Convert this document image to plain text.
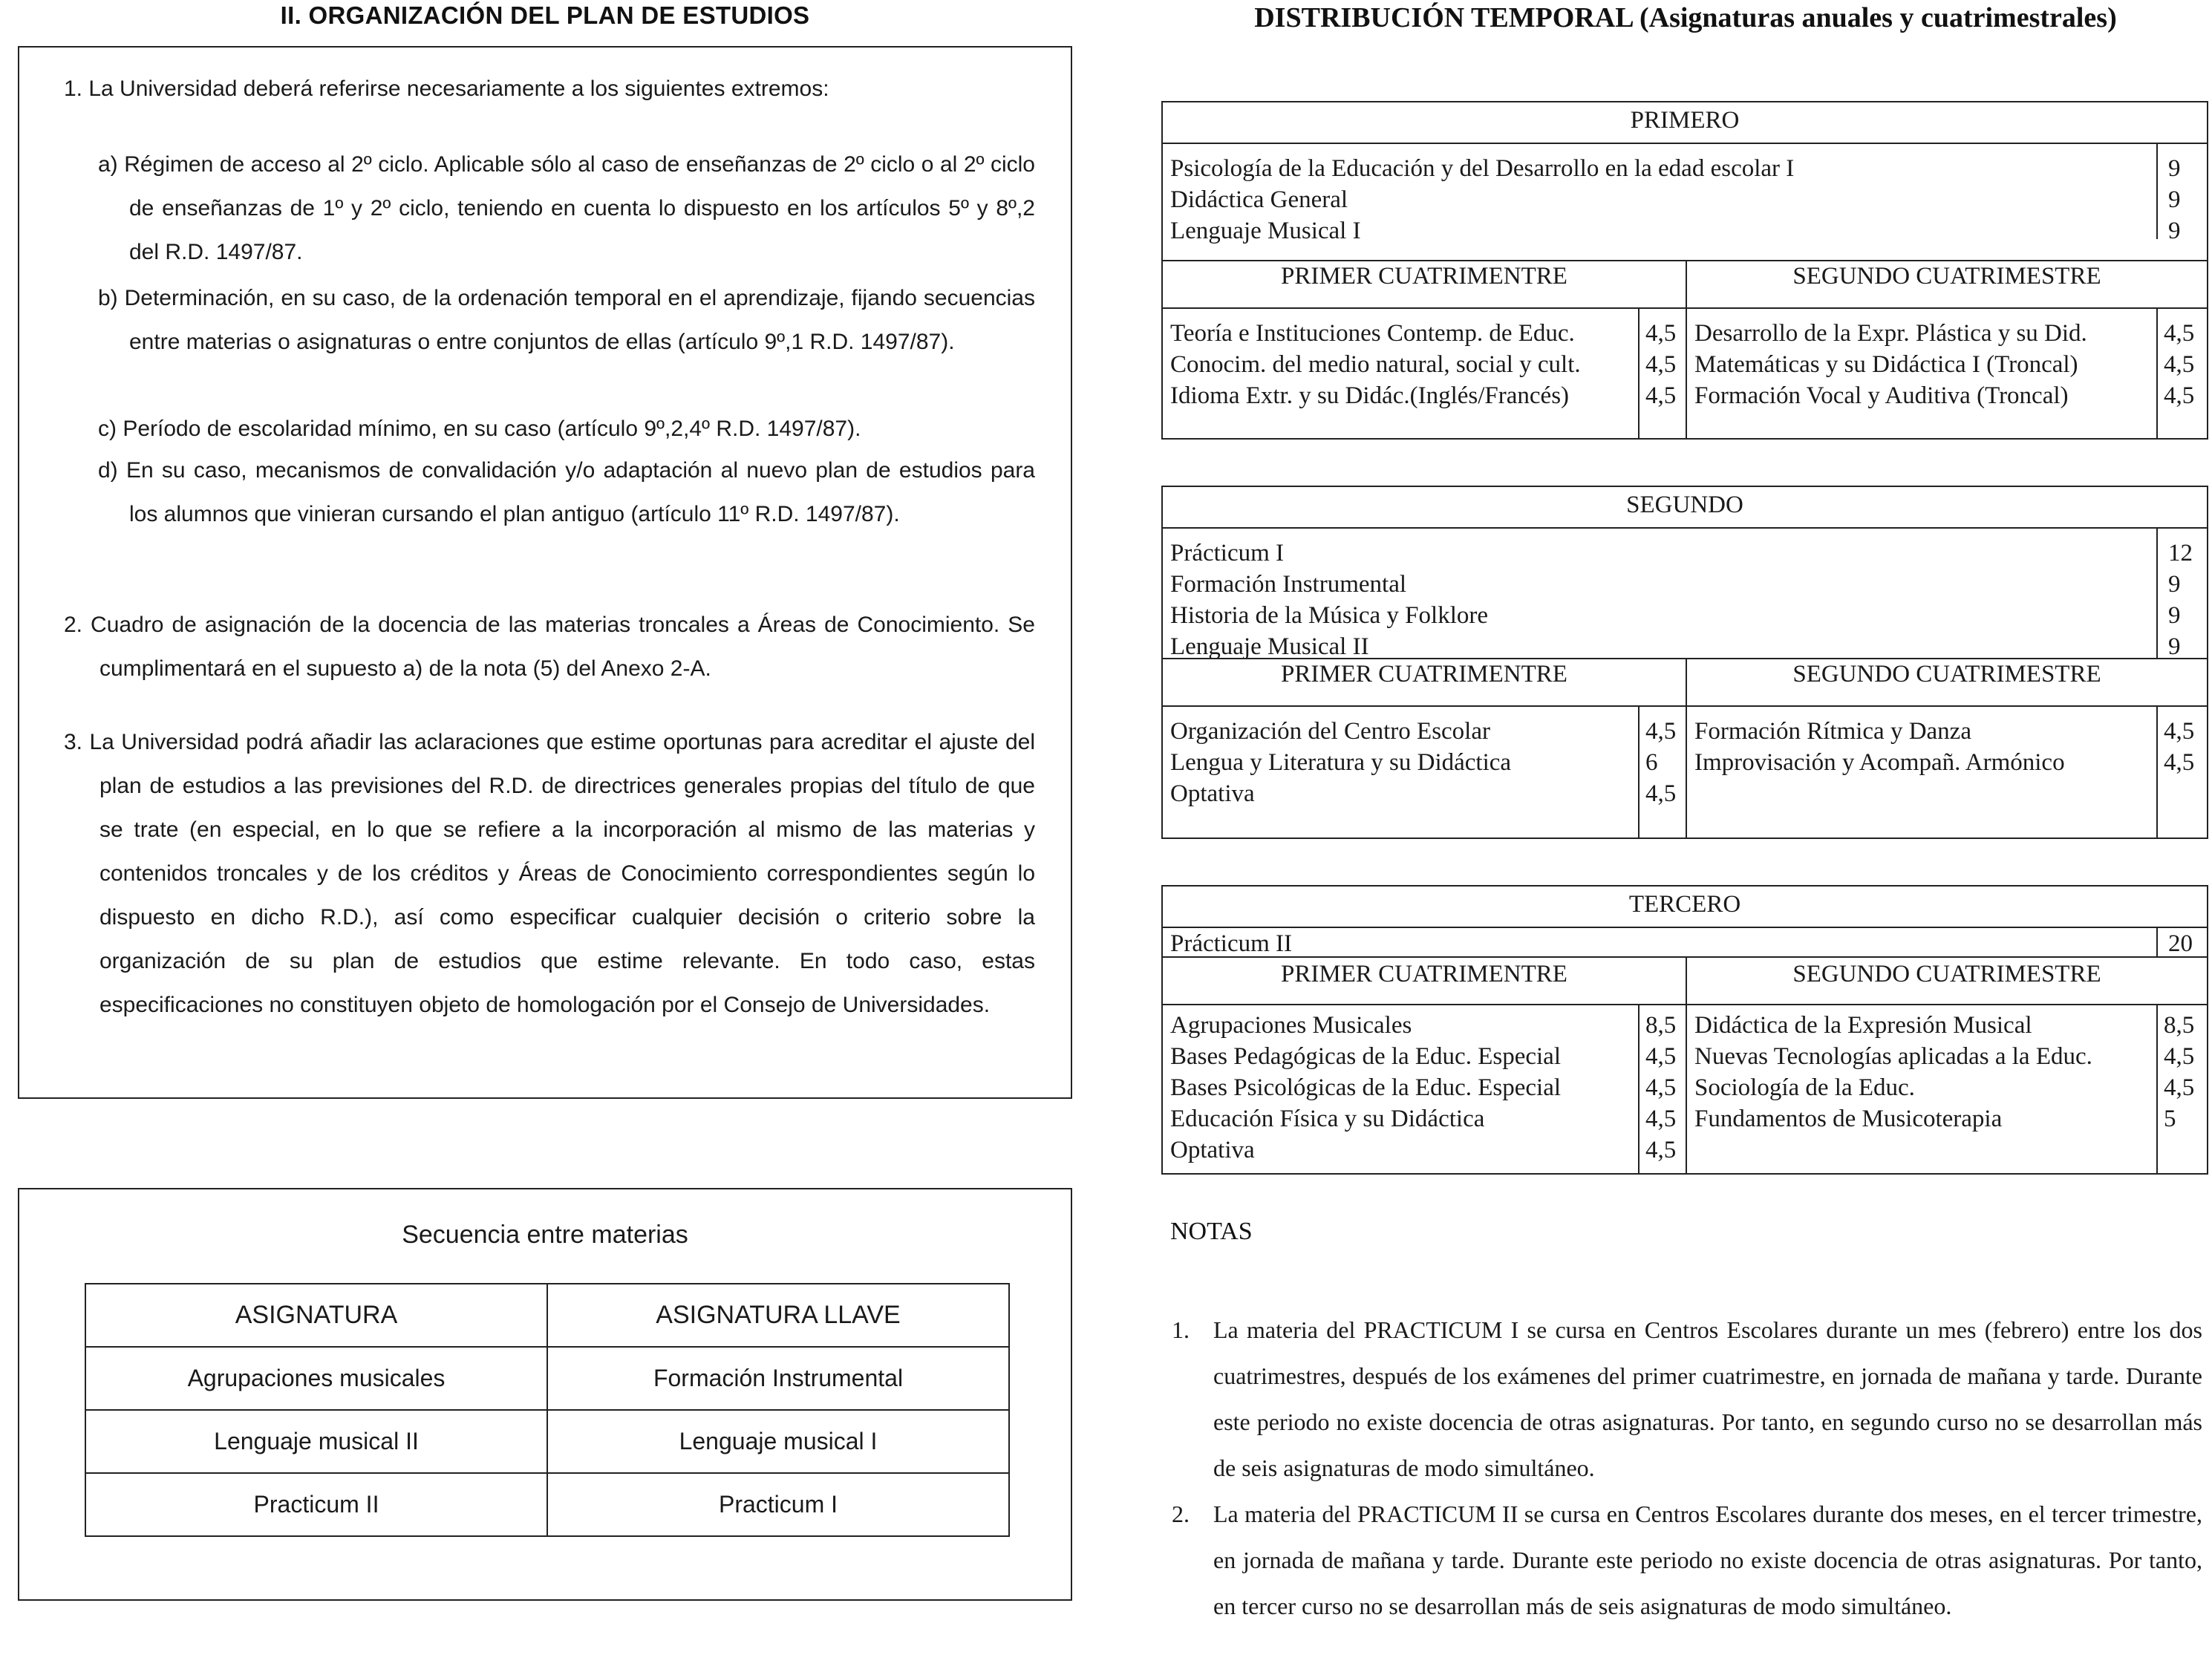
II. ORGANIZACIÓN DEL PLAN DE ESTUDIOS

1. La Universidad deberá referirse necesariamente a los siguientes extremos:

a) Régimen de acceso al 2º ciclo. Aplicable sólo al caso de enseñanzas de 2º ciclo o al 2º ciclo de enseñanzas de 1º y 2º ciclo, teniendo en cuenta lo dispuesto en los artículos 5º y 8º,2 del R.D. 1497/87.
b) Determinación, en su caso, de la ordenación temporal en el aprendizaje, fijando secuencias entre materias o asignaturas o entre conjuntos de ellas (artículo 9º,1 R.D. 1497/87).
c) Período de escolaridad mínimo, en su caso (artículo 9º,2,4º R.D. 1497/87).
d) En su caso, mecanismos de convalidación y/o adaptación al nuevo plan de estudios para los alumnos que vinieran cursando el plan antiguo (artículo 11º R.D. 1497/87).
2. Cuadro de asignación de la docencia de las materias troncales a Áreas de Conocimiento. Se cumplimentará en el supuesto a) de la nota (5) del Anexo 2-A.
3. La Universidad podrá añadir las aclaraciones que estime oportunas para acreditar el ajuste del plan de estudios a las previsiones del R.D. de directrices generales propias del título de que se trate (en especial, en lo que se refiere a la incorporación al mismo de las materias y contenidos troncales y de los créditos y Áreas de Conocimiento correspondientes según lo dispuesto en dicho R.D.), así como especificar cualquier decisión o criterio sobre la organización de su plan de estudios que estime relevante. En todo caso, estas especificaciones no constituyen objeto de homologación por el Consejo de Universidades.
Secuencia entre materias
ASIGNATURA	ASIGNATURA LLAVE
Agrupaciones musicales	Formación Instrumental
Lenguaje musical II	Lenguaje musical I
Practicum II	Practicum I
DISTRIBUCIÓN TEMPORAL (Asignaturas anuales y cuatrimestrales)
PRIMERO
Psicología de la Educación y del Desarrollo en la edad escolar I	9
Didáctica General	9
Lenguaje Musical I	9
PRIMER CUATRIMENTRE	SEGUNDO CUATRIMESTRE
Teoría e Instituciones Contemp. de Educ.	4,5
Conocim. del medio natural, social y cult.	4,5
Idioma Extr. y su Didác.(Inglés/Francés)	4,5
Desarrollo de la Expr. Plástica y su Did.	4,5
Matemáticas y su Didáctica I (Troncal)	4,5
Formación Vocal y Auditiva (Troncal)	4,5
SEGUNDO
Prácticum I	12
Formación Instrumental	9
Historia de la Música y Folklore	9
Lenguaje Musical II	9
PRIMER CUATRIMENTRE	SEGUNDO CUATRIMESTRE
Organización del Centro Escolar	4,5
Lengua y Literatura y su Didáctica	6
Optativa	4,5
Formación Rítmica y Danza	4,5
Improvisación y Acompañ. Armónico	4,5
TERCERO
Prácticum II	20
PRIMER CUATRIMENTRE	SEGUNDO CUATRIMESTRE
Agrupaciones Musicales	8,5
Bases Pedagógicas de la Educ. Especial	4,5
Bases Psicológicas de la Educ. Especial	4,5
Educación Física y su Didáctica	4,5
Optativa	4,5
Didáctica de la Expresión Musical	8,5
Nuevas Tecnologías aplicadas a la Educ.	4,5
Sociología de la Educ.	4,5
Fundamentos de Musicoterapia	5
NOTAS
1. La materia del PRACTICUM I se cursa en Centros Escolares durante un mes (febrero) entre los dos cuatrimestres, después de los exámenes del primer cuatrimestre, en jornada de mañana y tarde. Durante este periodo no existe docencia de otras asignaturas. Por tanto, en segundo curso no se desarrollan más de seis asignaturas de modo simultáneo.
2. La materia del PRACTICUM II se cursa en Centros Escolares durante dos meses, en el tercer trimestre, en jornada de mañana y tarde. Durante este periodo no existe docencia de otras asignaturas. Por tanto, en tercer curso no se desarrollan más de seis asignaturas de modo simultáneo.
